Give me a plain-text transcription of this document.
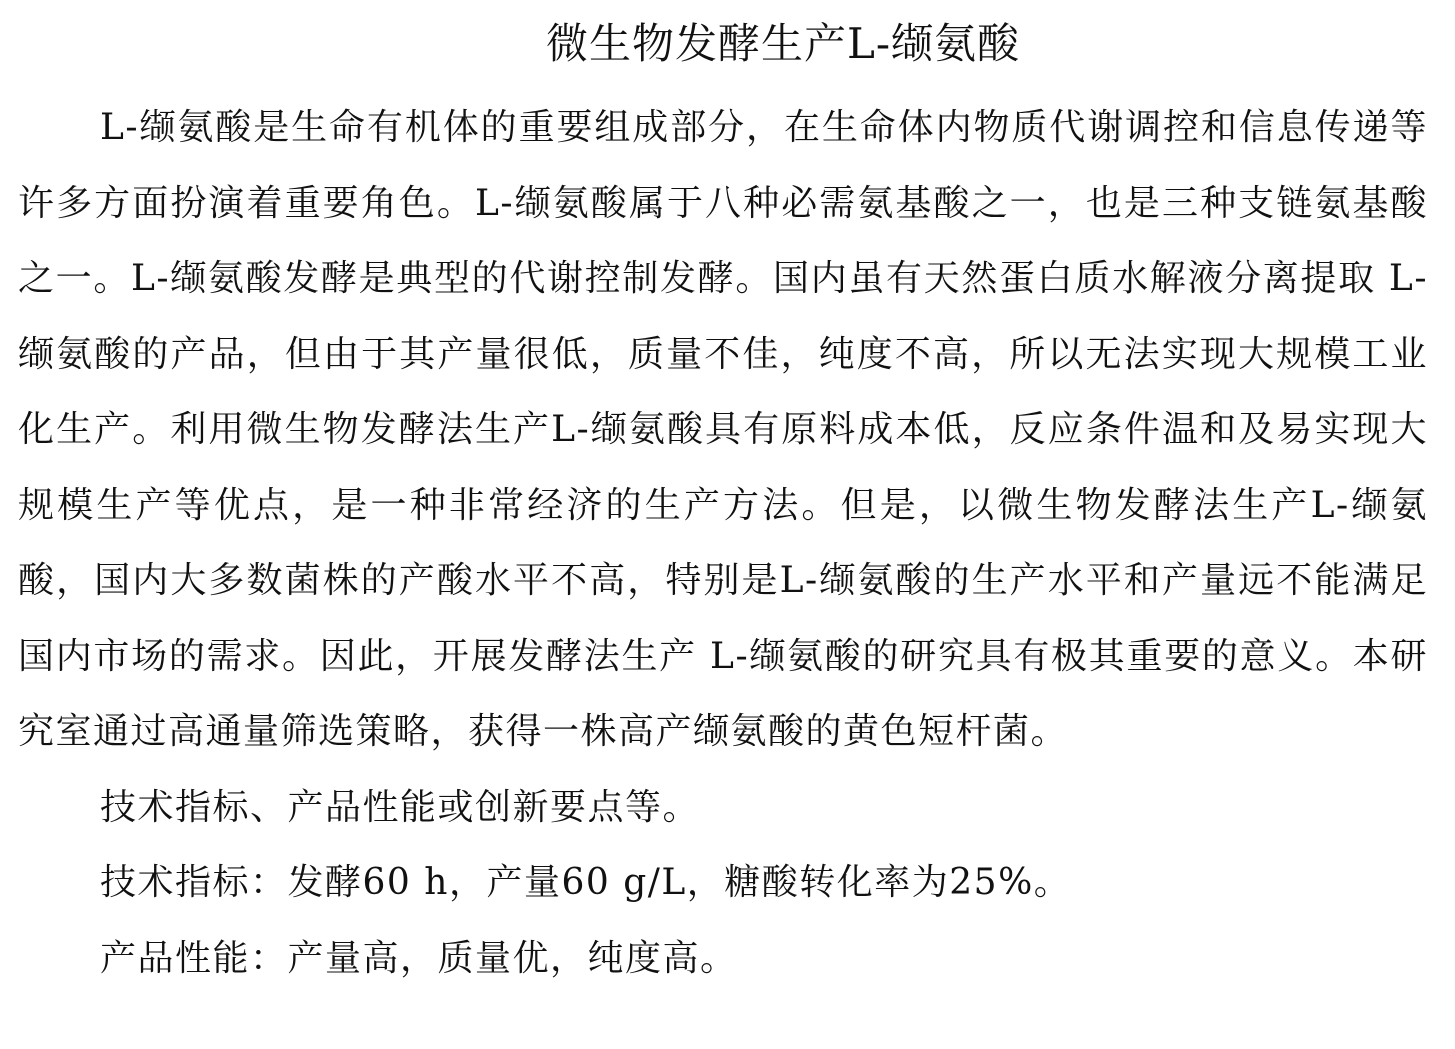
微生物发酵生产L-缬氨酸

L-缬氨酸是生命有机体的重要组成部分，在生命体内物质代谢调控和信息传递等许多方面扮演着重要角色。L-缬氨酸属于八种必需氨基酸之一，也是三种支链氨基酸之一。L-缬氨酸发酵是典型的代谢控制发酵。国内虽有天然蛋白质水解液分离提取 L-缬氨酸的产品，但由于其产量很低，质量不佳，纯度不高，所以无法实现大规模工业化生产。利用微生物发酵法生产L-缬氨酸具有原料成本低，反应条件温和及易实现大规模生产等优点，是一种非常经济的生产方法。但是，以微生物发酵法生产L-缬氨酸，国内大多数菌株的产酸水平不高，特别是L-缬氨酸的生产水平和产量远不能满足国内市场的需求。因此，开展发酵法生产 L-缬氨酸的研究具有极其重要的意义。本研究室通过高通量筛选策略，获得一株高产缬氨酸的黄色短杆菌。

技术指标、产品性能或创新要点等。

技术指标：发酵60 h，产量60 g/L，糖酸转化率为25%。

产品性能：产量高，质量优，纯度高。
